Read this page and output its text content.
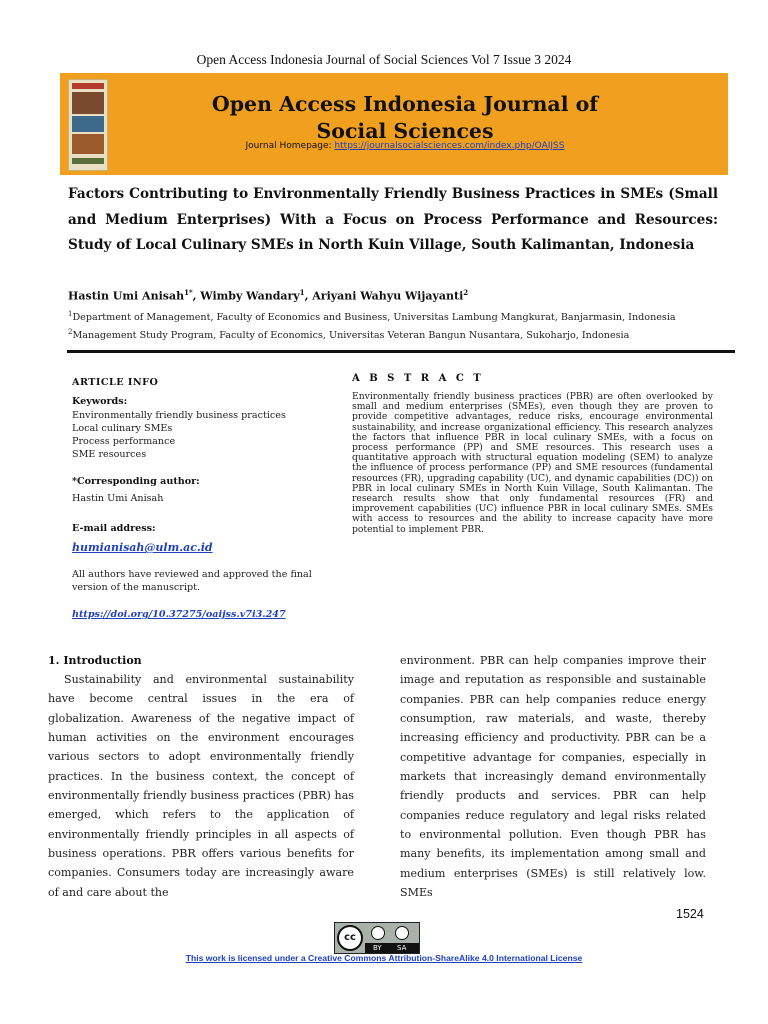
Open Access Indonesia Journal of Social Sciences Vol 7 Issue 3 2024
Open Access Indonesia Journal of
Social Sciences
Journal Homepage: https://journalsocialsciences.com/index.php/OAIJSS
Factors Contributing to Environmentally Friendly Business Practices in SMEs (Small and Medium Enterprises) With a Focus on Process Performance and Resources: Study of Local Culinary SMEs in North Kuin Village, South Kalimantan, Indonesia
Hastin Umi Anisah$^{1*}$, Wimby Wandary$^1$, Ariyani Wahyu Wijayanti$^2$
$^1$Department of Management, Faculty of Economics and Business, Universitas Lambung Mangkurat, Banjarmasin, Indonesia
$^2$Management Study Program, Faculty of Economics, Universitas Veteran Bangun Nusantara, Sukoharjo, Indonesia
ARTICLE INFO
Keywords:
Environmentally friendly business practices
Local culinary SMEs
Process performance
SME resources
*Corresponding author:
Hastin Umi Anisah
E-mail address:
humianisah@ulm.ac.id
All authors have reviewed and approved the final version of the manuscript.
https://doi.org/10.37275/oaijss.v7i3.247
A B S T R A C T
Environmentally friendly business practices (PBR) are often overlooked by small and medium enterprises (SMEs), even though they are proven to provide competitive advantages, reduce risks, encourage environmental sustainability, and increase organizational efficiency. This research analyzes the factors that influence PBR in local culinary SMEs, with a focus on process performance (PP) and SME resources. This research uses a quantitative approach with structural equation modeling (SEM) to analyze the influence of process performance (PP) and SME resources (fundamental resources (FR), upgrading capability (UC), and dynamic capabilities (DC)) on PBR in local culinary SMEs in North Kuin Village, South Kalimantan. The research results show that only fundamental resources (FR) and improvement capabilities (UC) influence PBR in local culinary SMEs. SMEs with access to resources and the ability to increase capacity have more potential to implement PBR.
1. Introduction
Sustainability and environmental sustainability have become central issues in the era of globalization. Awareness of the negative impact of human activities on the environment encourages various sectors to adopt environmentally friendly practices. In the business context, the concept of environmentally friendly business practices (PBR) has emerged, which refers to the application of environmentally friendly principles in all aspects of business operations. PBR offers various benefits for companies. Consumers today are increasingly aware of and care about the
environment. PBR can help companies improve their image and reputation as responsible and sustainable companies. PBR can help companies reduce energy consumption, raw materials, and waste, thereby increasing efficiency and productivity. PBR can be a competitive advantage for companies, especially in markets that increasingly demand environmentally friendly products and services. PBR can help companies reduce regulatory and legal risks related to environmental pollution. Even though PBR has many benefits, its implementation among small and medium enterprises (SMEs) is still relatively low. SMEs
1524
cc
BY SA
This work is licensed under a Creative Commons Attribution-ShareAlike 4.0 International License
